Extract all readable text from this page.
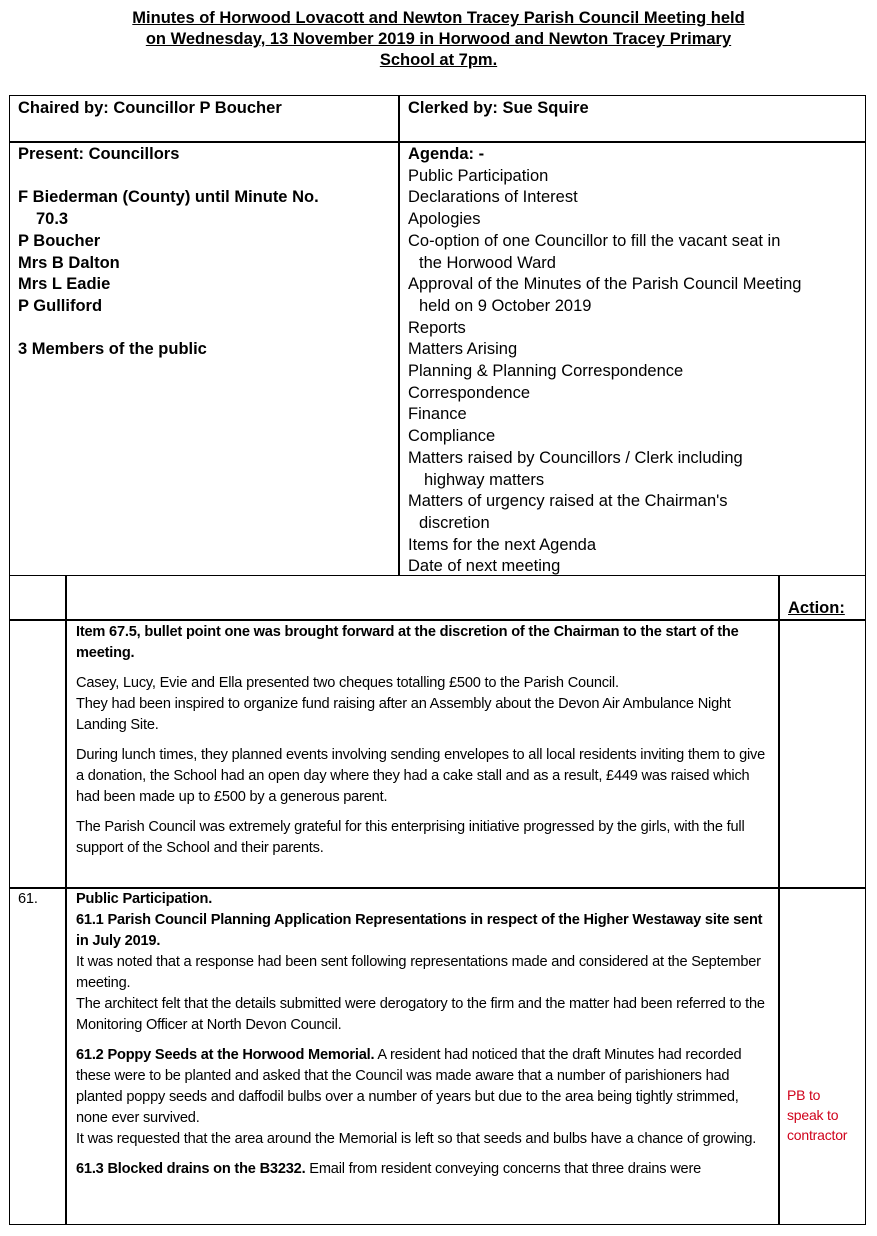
Minutes of Horwood Lovacott and Newton Tracey Parish Council Meeting held
on Wednesday, 13 November 2019 in Horwood and Newton Tracey Primary
School at 7pm.
Chaired by: Councillor P Boucher	Clerked by: Sue Squire
Present: Councillors
F Biederman (County) until Minute No.
70.3
P Boucher
Mrs B Dalton
Mrs L Eadie
P Gulliford
3 Members of the public
Agenda: -
Public Participation
Declarations of Interest
Apologies
Co-option of one Councillor to fill the vacant seat in
the Horwood Ward
Approval of the Minutes of the Parish Council Meeting
held on 9 October 2019
Reports
Matters Arising
Planning & Planning Correspondence
Correspondence
Finance
Compliance
Matters raised by Councillors / Clerk including
highway matters
Matters of urgency raised at the Chairman's
discretion
Items for the next Agenda
Date of next meeting
Action:

Item 67.5, bullet point one was brought forward at the discretion of the Chairman to the start of the meeting.

Casey, Lucy, Evie and Ella presented two cheques totalling £500 to the Parish Council.

They had been inspired to organize fund raising after an Assembly about the Devon Air Ambulance Night Landing Site.

During lunch times, they planned events involving sending envelopes to all local residents inviting them to give a donation, the School had an open day where they had a cake stall and as a result, £449 was raised which had been made up to £500 by a generous parent.

The Parish Council was extremely grateful for this enterprising initiative progressed by the girls, with the full support of the School and their parents.

61.	Public Participation.

61.1 Parish Council Planning Application Representations in respect of the Higher Westaway site sent in July 2019.

It was noted that a response had been sent following representations made and considered at the September meeting.

The architect felt that the details submitted were derogatory to the firm and the matter had been referred to the Monitoring Officer at North Devon Council.

61.2 Poppy Seeds at the Horwood Memorial. A resident had noticed that the draft Minutes had recorded these were to be planted and asked that the Council was made aware that a number of parishioners had planted poppy seeds and daffodil bulbs over a number of years but due to the area being tightly strimmed, none ever survived.

It was requested that the area around the Memorial is left so that seeds and bulbs have a chance of growing.

61.3 Blocked drains on the B3232. Email from resident conveying concerns that three drains were

PB to speak to contractor
